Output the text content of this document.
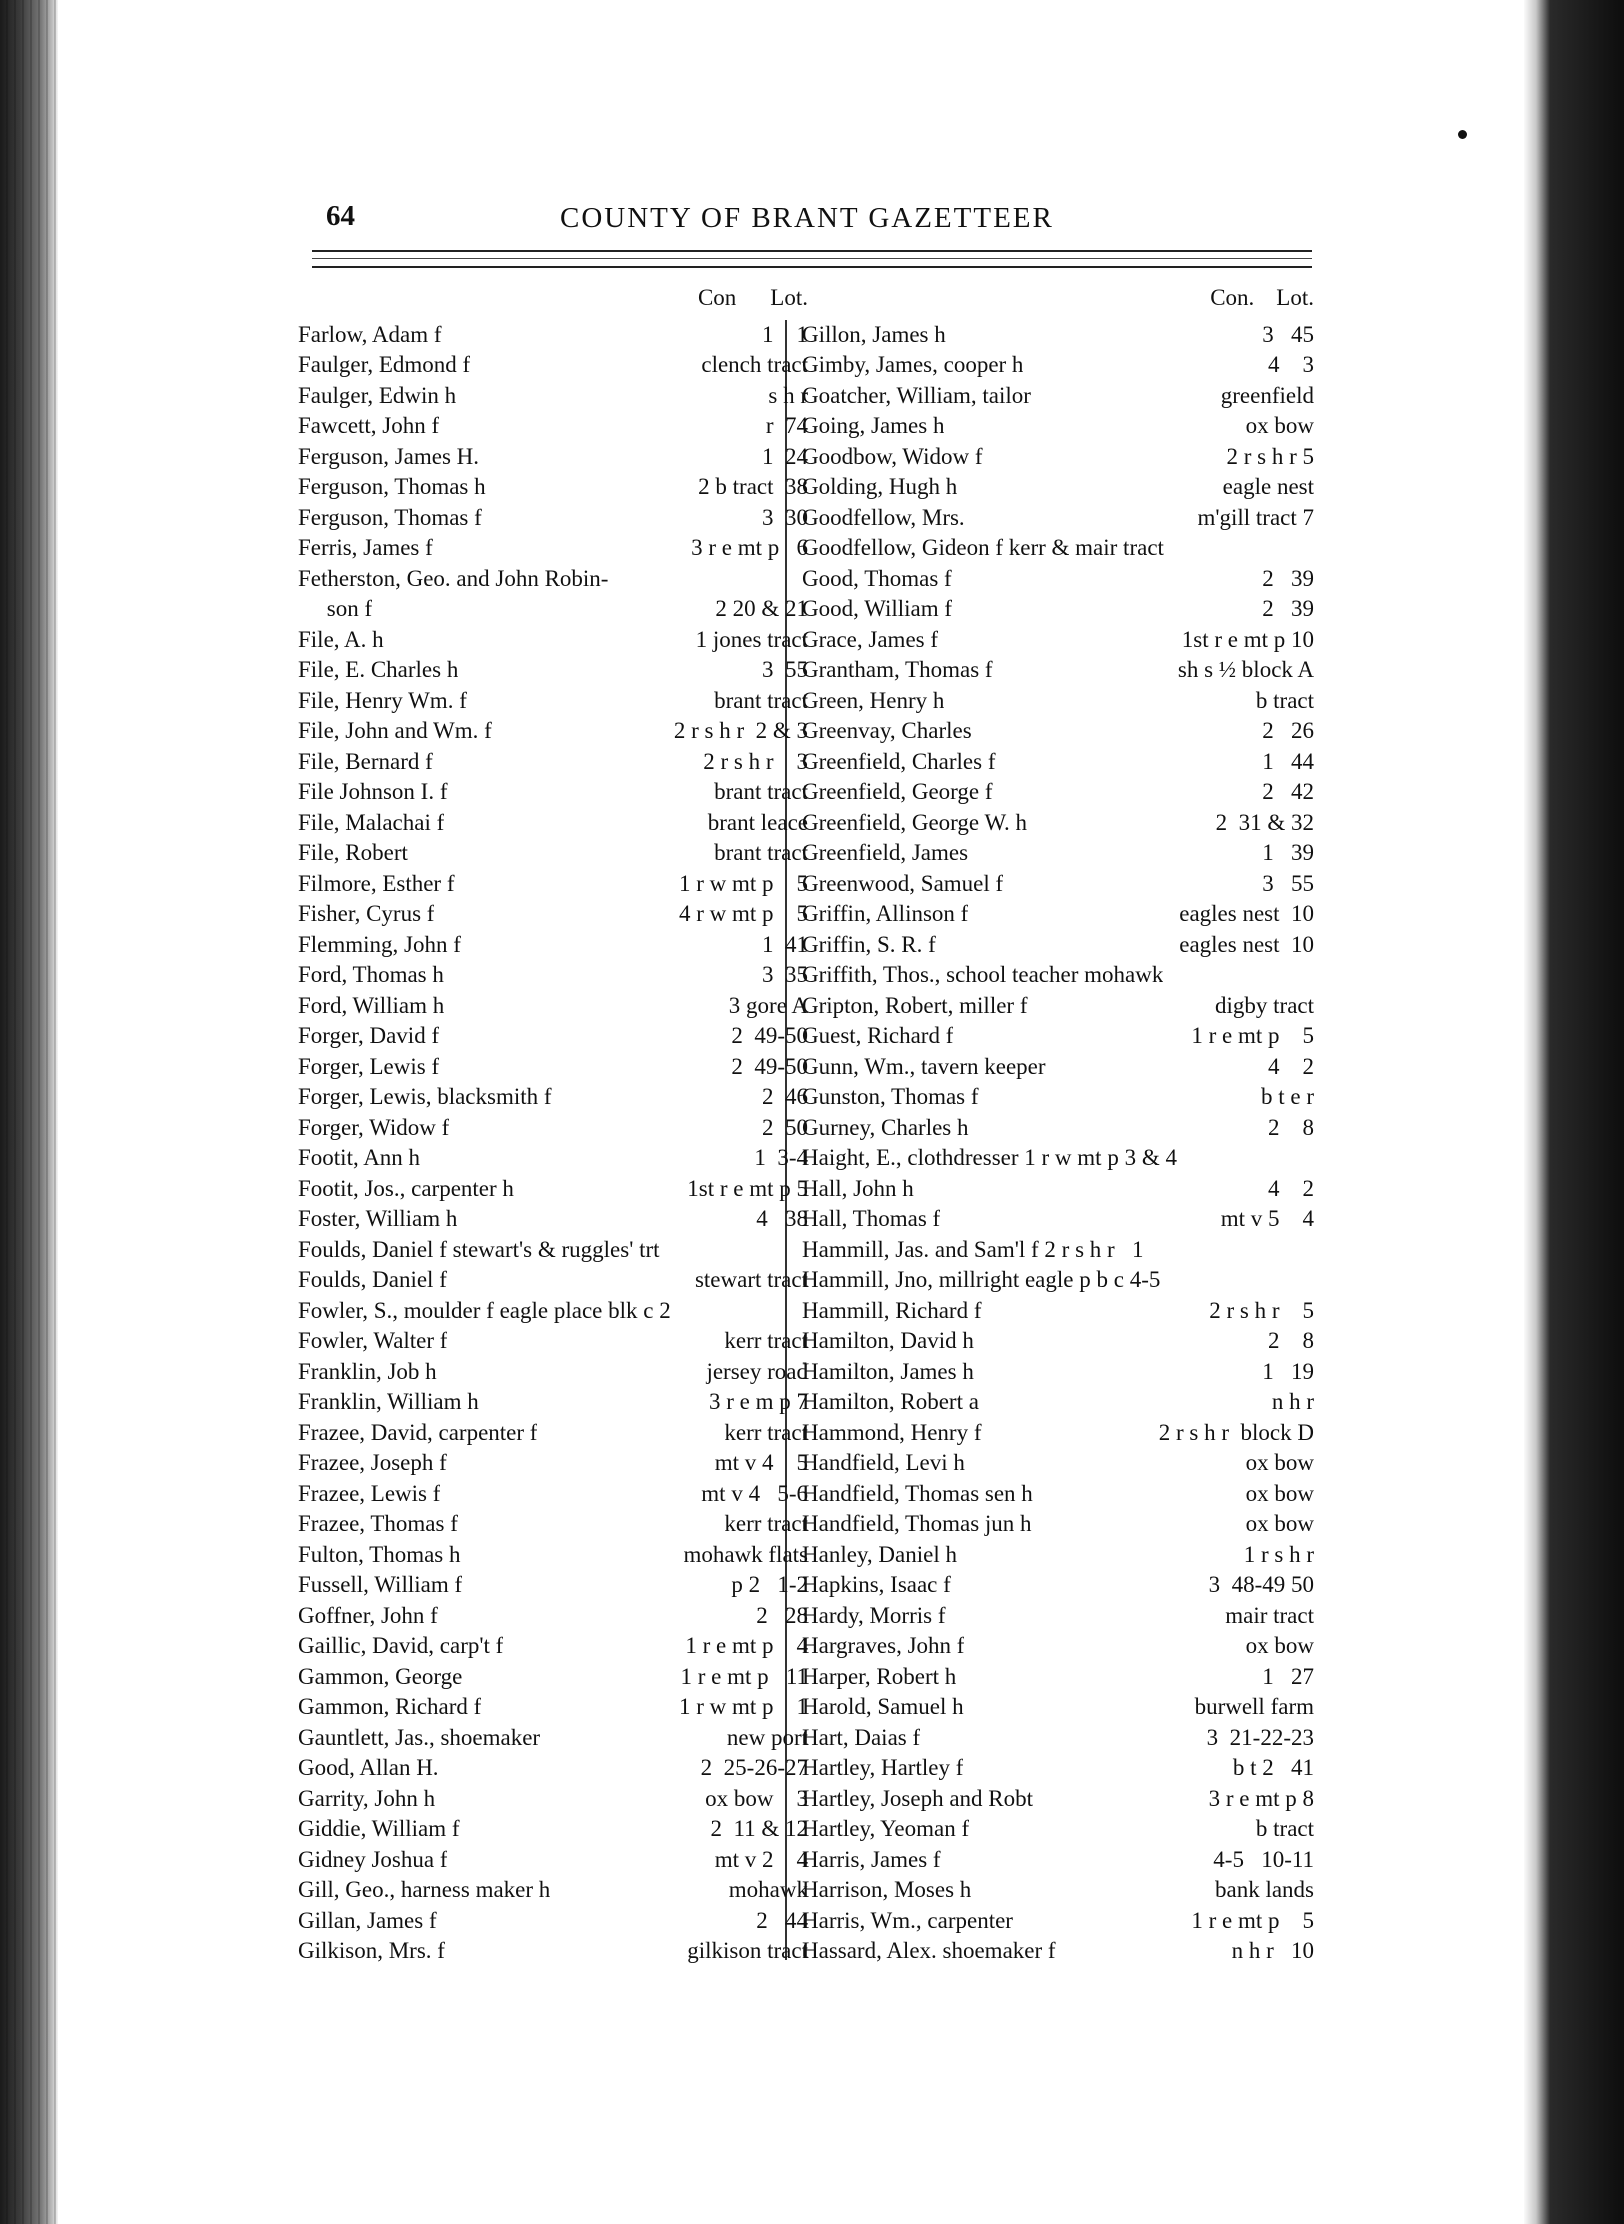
64	COUNTY OF BRANT GAZETTEER
Con Lot.
Farlow, Adam f	1    1
Faulger, Edmond f	clench tract
Faulger, Edwin h	s h r
Fawcett, John f	r  74
Ferguson, James H.	1  24
Ferguson, Thomas h	2 b tract  38
Ferguson, Thomas f	3  30
Ferris, James f	3 r e mt p   6
Fetherston, Geo. and John Robin-
son f	2 20 & 21
File, A. h	1 jones tract
File, E. Charles h	3  55
File, Henry Wm. f	brant tract
File, John and Wm. f	2 r s h r  2 & 3
File, Bernard f	2 r s h r    3
File Johnson I. f	brant tract
File, Malachai f	brant leace
File, Robert	brant tract
Filmore, Esther f	1 r w mt p    5
Fisher, Cyrus f	4 r w mt p    5
Flemming, John f	1  41
Ford, Thomas h	3  35
Ford, William h	3 gore A
Forger, David f	2  49-50
Forger, Lewis f	2  49-50
Forger, Lewis, blacksmith f	2  46
Forger, Widow f	2  50
Footit, Ann h	1  3-4
Footit, Jos., carpenter h	1st r e mt p 5
Foster, William h	4   38
Foulds, Daniel f stewart's & ruggles' trt
Foulds, Daniel f	stewart tract
Fowler, S., moulder f eagle place blk c 2
Fowler, Walter f	kerr tract
Franklin, Job h	jersey road
Franklin, William h	3 r e m p 7
Frazee, David, carpenter f	kerr tract
Frazee, Joseph f	mt v 4    5
Frazee, Lewis f	mt v 4   5-6
Frazee, Thomas f	kerr tract
Fulton, Thomas h	mohawk flats
Fussell, William f	p 2   1-2
Goffner, John f	2   28
Gaillic, David, carp't f	1 r e mt p    4
Gammon, George	1 r e mt p   11
Gammon, Richard f	1 r w mt p    1
Gauntlett, Jas., shoemaker	new port
Good, Allan H.	2  25-26-27
Garrity, John h	ox bow    3
Giddie, William f	2  11 & 12
Gidney Joshua f	mt v 2    4
Gill, Geo., harness maker h	mohawk
Gillan, James f	2   44
Gilkison, Mrs. f	gilkison tract
Con. Lot.
Gillon, James h	3   45
Gimby, James, cooper h	4    3
Goatcher, William, tailor	greenfield
Going, James h	ox bow
Goodbow, Widow f	2 r s h r 5
Golding, Hugh h	eagle nest
Goodfellow, Mrs.	m'gill tract 7
Goodfellow, Gideon f kerr & mair tract
Good, Thomas f	2   39
Good, William f	2   39
Grace, James f	1st r e mt p 10
Grantham, Thomas f	sh s ½ block A
Green, Henry h	b tract
Greenvay, Charles	2   26
Greenfield, Charles f	1   44
Greenfield, George f	2   42
Greenfield, George W. h	2  31 & 32
Greenfield, James	1   39
Greenwood, Samuel f	3   55
Griffin, Allinson f	eagles nest  10
Griffin, S. R. f	eagles nest  10
Griffith, Thos., school teacher mohawk
Gripton, Robert, miller f	digby tract
Guest, Richard f	1 r e mt p    5
Gunn, Wm., tavern keeper	4    2
Gunston, Thomas f	b t e r
Gurney, Charles h	2    8
Haight, E., clothdresser 1 r w mt p 3 & 4
Hall, John h	4    2
Hall, Thomas f	mt v 5    4
Hammill, Jas. and Sam'l f 2 r s h r   1
Hammill, Jno, millright eagle p b c 4-5
Hammill, Richard f	2 r s h r    5
Hamilton, David h	2    8
Hamilton, James h	1   19
Hamilton, Robert a	n h r
Hammond, Henry f	2 r s h r  block D
Handfield, Levi h	ox bow
Handfield, Thomas sen h	ox bow
Handfield, Thomas jun h	ox bow
Hanley, Daniel h	1 r s h r
Hapkins, Isaac f	3  48-49 50
Hardy, Morris f	mair tract
Hargraves, John f	ox bow
Harper, Robert h	1   27
Harold, Samuel h	burwell farm
Hart, Daias f	3  21-22-23
Hartley, Hartley f	b t 2   41
Hartley, Joseph and Robt	3 r e mt p 8
Hartley, Yeoman f	b tract
Harris, James f	4-5   10-11
Harrison, Moses h	bank lands
Harris, Wm., carpenter	1 r e mt p    5
Hassard, Alex. shoemaker f	n h r   10
